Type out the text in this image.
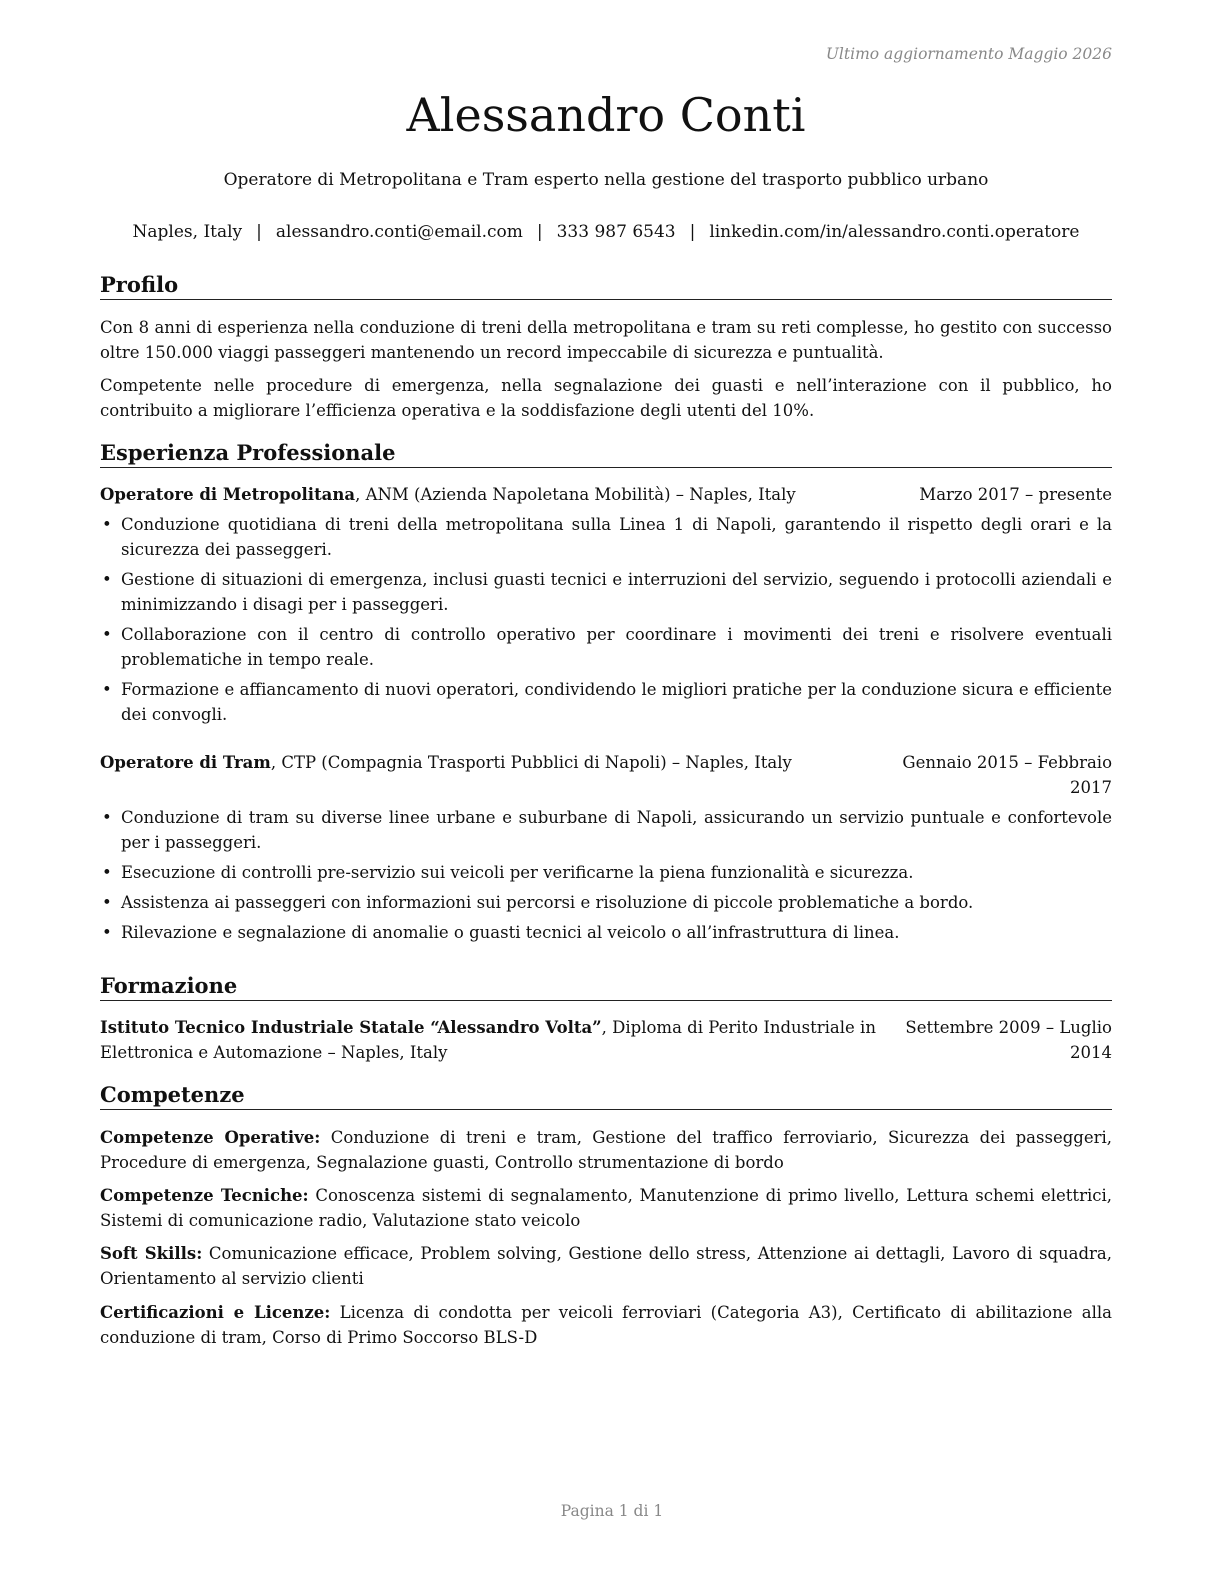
Ultimo aggiornamento Maggio 2026
Alessandro Conti
Operatore di Metropolitana e Tram esperto nella gestione del trasporto pubblico urbano
Naples, Italy | alessandro.conti@email.com | 333 987 6543 | linkedin.com/in/alessandro.conti.operatore
Profilo

Con 8 anni di esperienza nella conduzione di treni della metropolitana e tram su reti complesse, ho gestito con successo oltre 150.000 viaggi passeggeri mantenendo un record impeccabile di sicurezza e puntualità.

Competente nelle procedure di emergenza, nella segnalazione dei guasti e nell’interazione con il pubblico, ho contribuito a migliorare l’efficienza operativa e la soddisfazione degli utenti del 10%.

Esperienza Professionale
Operatore di Metropolitana, ANM (Azienda Napoletana Mobilità) – Naples, Italy	Marzo 2017 – presente
• Conduzione quotidiana di treni della metropolitana sulla Linea 1 di Napoli, garantendo il rispetto degli orari e la sicurezza dei passeggeri.
• Gestione di situazioni di emergenza, inclusi guasti tecnici e interruzioni del servizio, seguendo i protocolli aziendali e minimizzando i disagi per i passeggeri.
• Collaborazione con il centro di controllo operativo per coordinare i movimenti dei treni e risolvere eventuali problematiche in tempo reale.
• Formazione e affiancamento di nuovi operatori, condividendo le migliori pratiche per la conduzione sicura e efficiente dei convogli.
Operatore di Tram, CTP (Compagnia Trasporti Pubblici di Napoli) – Naples, Italy	Gennaio 2015 – Febbraio
2017
• Conduzione di tram su diverse linee urbane e suburbane di Napoli, assicurando un servizio puntuale e confortevole per i passeggeri.
• Esecuzione di controlli pre-servizio sui veicoli per verificarne la piena funzionalità e sicurezza.
• Assistenza ai passeggeri con informazioni sui percorsi e risoluzione di piccole problematiche a bordo.
• Rilevazione e segnalazione di anomalie o guasti tecnici al veicolo o all’infrastruttura di linea.
Formazione
Istituto Tecnico Industriale Statale “Alessandro Volta”, Diploma di Perito Industriale in
Elettronica e Automazione – Naples, Italy
Settembre 2009 – Luglio
2014
Competenze

Competenze Operative: Conduzione di treni e tram, Gestione del traffico ferroviario, Sicurezza dei passeggeri, Procedure di emergenza, Segnalazione guasti, Controllo strumentazione di bordo

Competenze Tecniche: Conoscenza sistemi di segnalamento, Manutenzione di primo livello, Lettura schemi elettrici, Sistemi di comunicazione radio, Valutazione stato veicolo

Soft Skills: Comunicazione efficace, Problem solving, Gestione dello stress, Attenzione ai dettagli, Lavoro di squadra, Orientamento al servizio clienti

Certificazioni e Licenze: Licenza di condotta per veicoli ferroviari (Categoria A3), Certificato di abilitazione alla conduzione di tram, Corso di Primo Soccorso BLS-D

Pagina 1 di 1
